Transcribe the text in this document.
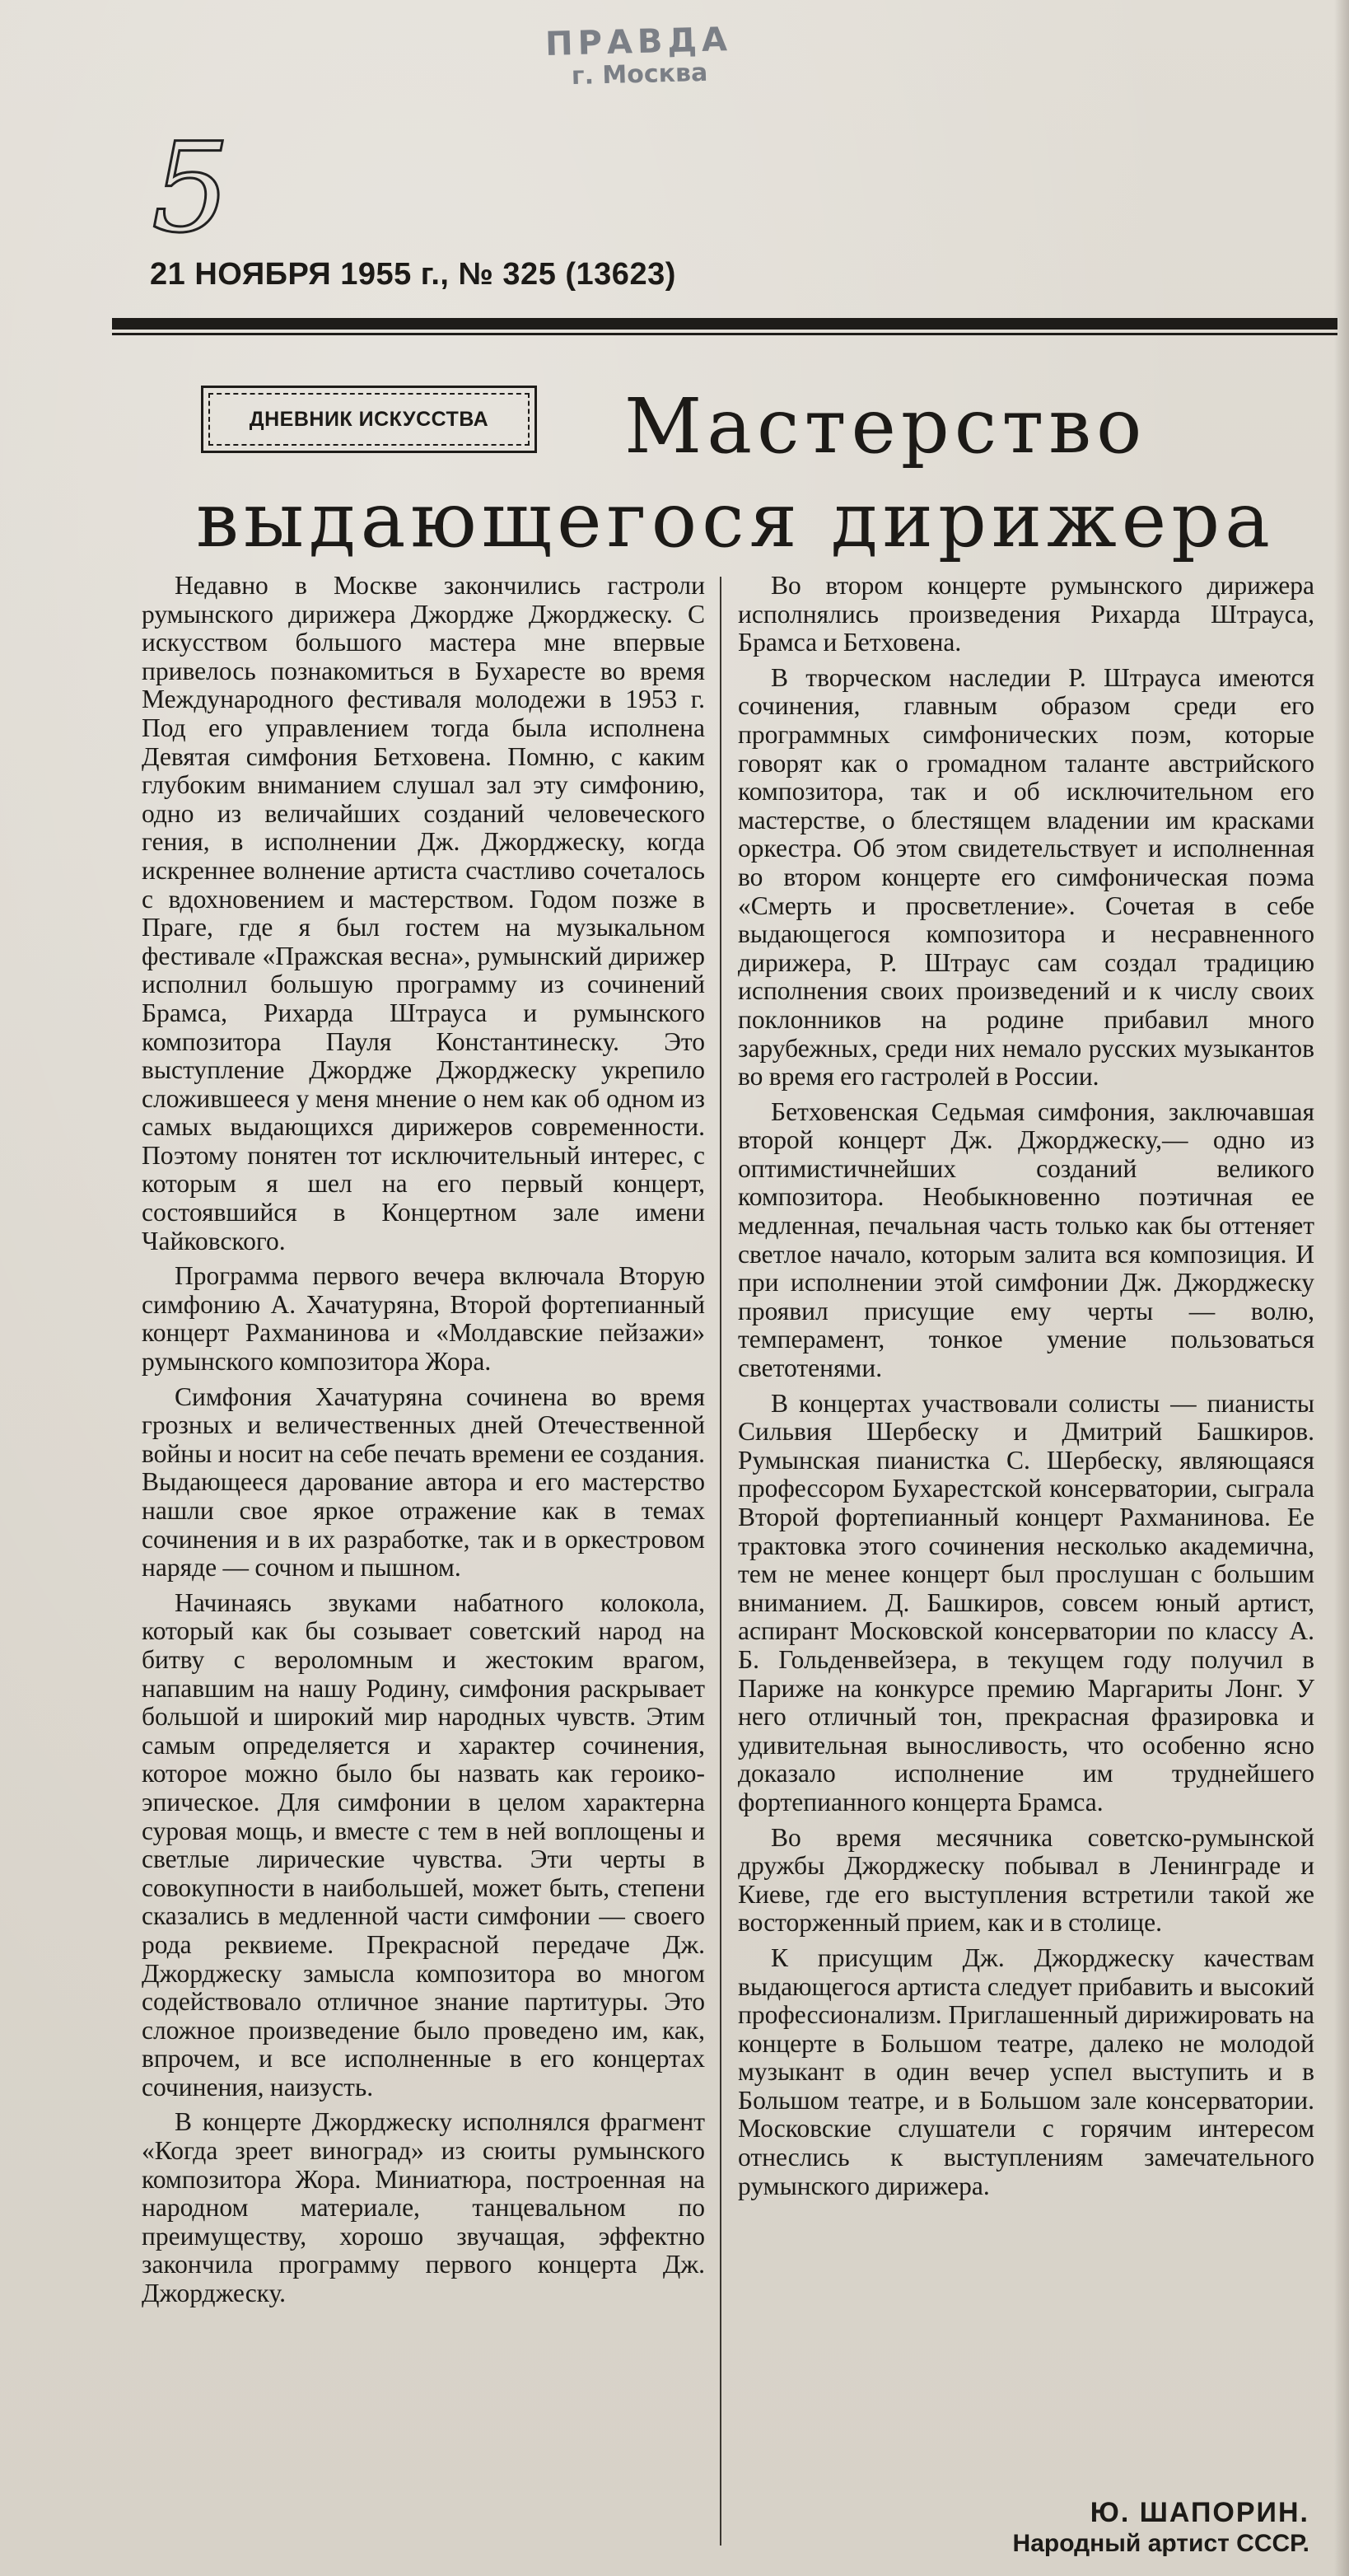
ПРАВДА
г. Москва
5
21 НОЯБРЯ 1955 г., № 325 (13623)
ДНЕВНИК ИСКУССТВА	Мастерство
выдающегося дирижера

Недавно в Москве закончились гастроли румынского дирижера Джордже Джорджеску. С искусством большого мастера мне впервые привелось познакомиться в Бухаресте во время Международного фестиваля молодежи в 1953 г. Под его управлением тогда была исполнена Девятая симфония Бетховена. Помню, с каким глубоким вниманием слушал зал эту симфонию, одно из величайших созданий человеческого гения, в исполнении Дж. Джорджеску, когда искреннее волнение артиста счастливо сочеталось с вдохновением и мастерством. Годом позже в Праге, где я был гостем на музыкальном фестивале «Пражская весна», румынский дирижер исполнил большую программу из сочинений Брамса, Рихарда Штрауса и румынского композитора Пауля Константинеску. Это выступление Джордже Джорджеску укрепило сложившееся у меня мнение о нем как об одном из самых выдающихся дирижеров современности. Поэтому понятен тот исключительный интерес, с которым я шел на его первый концерт, состоявшийся в Концертном зале имени Чайковского.

Программа первого вечера включала Вторую симфонию А. Хачатуряна, Второй фортепианный концерт Рахманинова и «Молдавские пейзажи» румынского композитора Жора.

Симфония Хачатуряна сочинена во время грозных и величественных дней Отечественной войны и носит на себе печать времени ее создания. Выдающееся дарование автора и его мастерство нашли свое яркое отражение как в темах сочинения и в их разработке, так и в оркестровом наряде — сочном и пышном.

Начинаясь звуками набатного колокола, который как бы созывает советский народ на битву с вероломным и жестоким врагом, напавшим на нашу Родину, симфония раскрывает большой и широкий мир народных чувств. Этим самым определяется и характер сочинения, которое можно было бы назвать как героико-эпическое. Для симфонии в целом характерна суровая мощь, и вместе с тем в ней воплощены и светлые лирические чувства. Эти черты в совокупности в наибольшей, может быть, степени сказались в медленной части симфонии — своего рода реквиеме. Прекрасной передаче Дж. Джорджеску замысла композитора во многом содействовало отличное знание партитуры. Это сложное произведение было проведено им, как, впрочем, и все исполненные в его концертах сочинения, наизусть.

В концерте Джорджеску исполнялся фрагмент «Когда зреет виноград» из сюиты румынского композитора Жора. Миниатюра, построенная на народном материале, танцевальном по преимуществу, хорошо звучащая, эффектно закончила программу первого концерта Дж. Джорджеску.

Во втором концерте румынского дирижера исполнялись произведения Рихарда Штрауса, Брамса и Бетховена.

В творческом наследии Р. Штрауса имеются сочинения, главным образом среди его программных симфонических поэм, которые говорят как о громадном таланте австрийского композитора, так и об исключительном его мастерстве, о блестящем владении им красками оркестра. Об этом свидетельствует и исполненная во втором концерте его симфоническая поэма «Смерть и просветление». Сочетая в себе выдающегося композитора и несравненного дирижера, Р. Штраус сам создал традицию исполнения своих произведений и к числу своих поклонников на родине прибавил много зарубежных, среди них немало русских музыкантов во время его гастролей в России.

Бетховенская Седьмая симфония, заключавшая второй концерт Дж. Джорджеску,— одно из оптимистичнейших созданий великого композитора. Необыкновенно поэтичная ее медленная, печальная часть только как бы оттеняет светлое начало, которым залита вся композиция. И при исполнении этой симфонии Дж. Джорджеску проявил присущие ему черты — волю, темперамент, тонкое умение пользоваться светотенями.

В концертах участвовали солисты — пианисты Сильвия Шербеску и Дмитрий Башкиров. Румынская пианистка С. Шербеску, являющаяся профессором Бухарестской консерватории, сыграла Второй фортепианный концерт Рахманинова. Ее трактовка этого сочинения несколько академична, тем не менее концерт был прослушан с большим вниманием. Д. Башкиров, совсем юный артист, аспирант Московской консерватории по классу А. Б. Гольденвейзера, в текущем году получил в Париже на конкурсе премию Маргариты Лонг. У него отличный тон, прекрасная фразировка и удивительная выносливость, что особенно ясно доказало исполнение им труднейшего фортепианного концерта Брамса.

Во время месячника советско-румынской дружбы Джорджеску побывал в Ленинграде и Киеве, где его выступления встретили такой же восторженный прием, как и в столице.

К присущим Дж. Джорджеску качествам выдающегося артиста следует прибавить и высокий профессионализм. Приглашенный дирижировать на концерте в Большом театре, далеко не молодой музыкант в один вечер успел выступить и в Большом театре, и в Большом зале консерватории. Московские слушатели с горячим интересом отнеслись к выступлениям замечательного румынского дирижера.

Ю. ШАПОРИН.
Народный артист СССР.
